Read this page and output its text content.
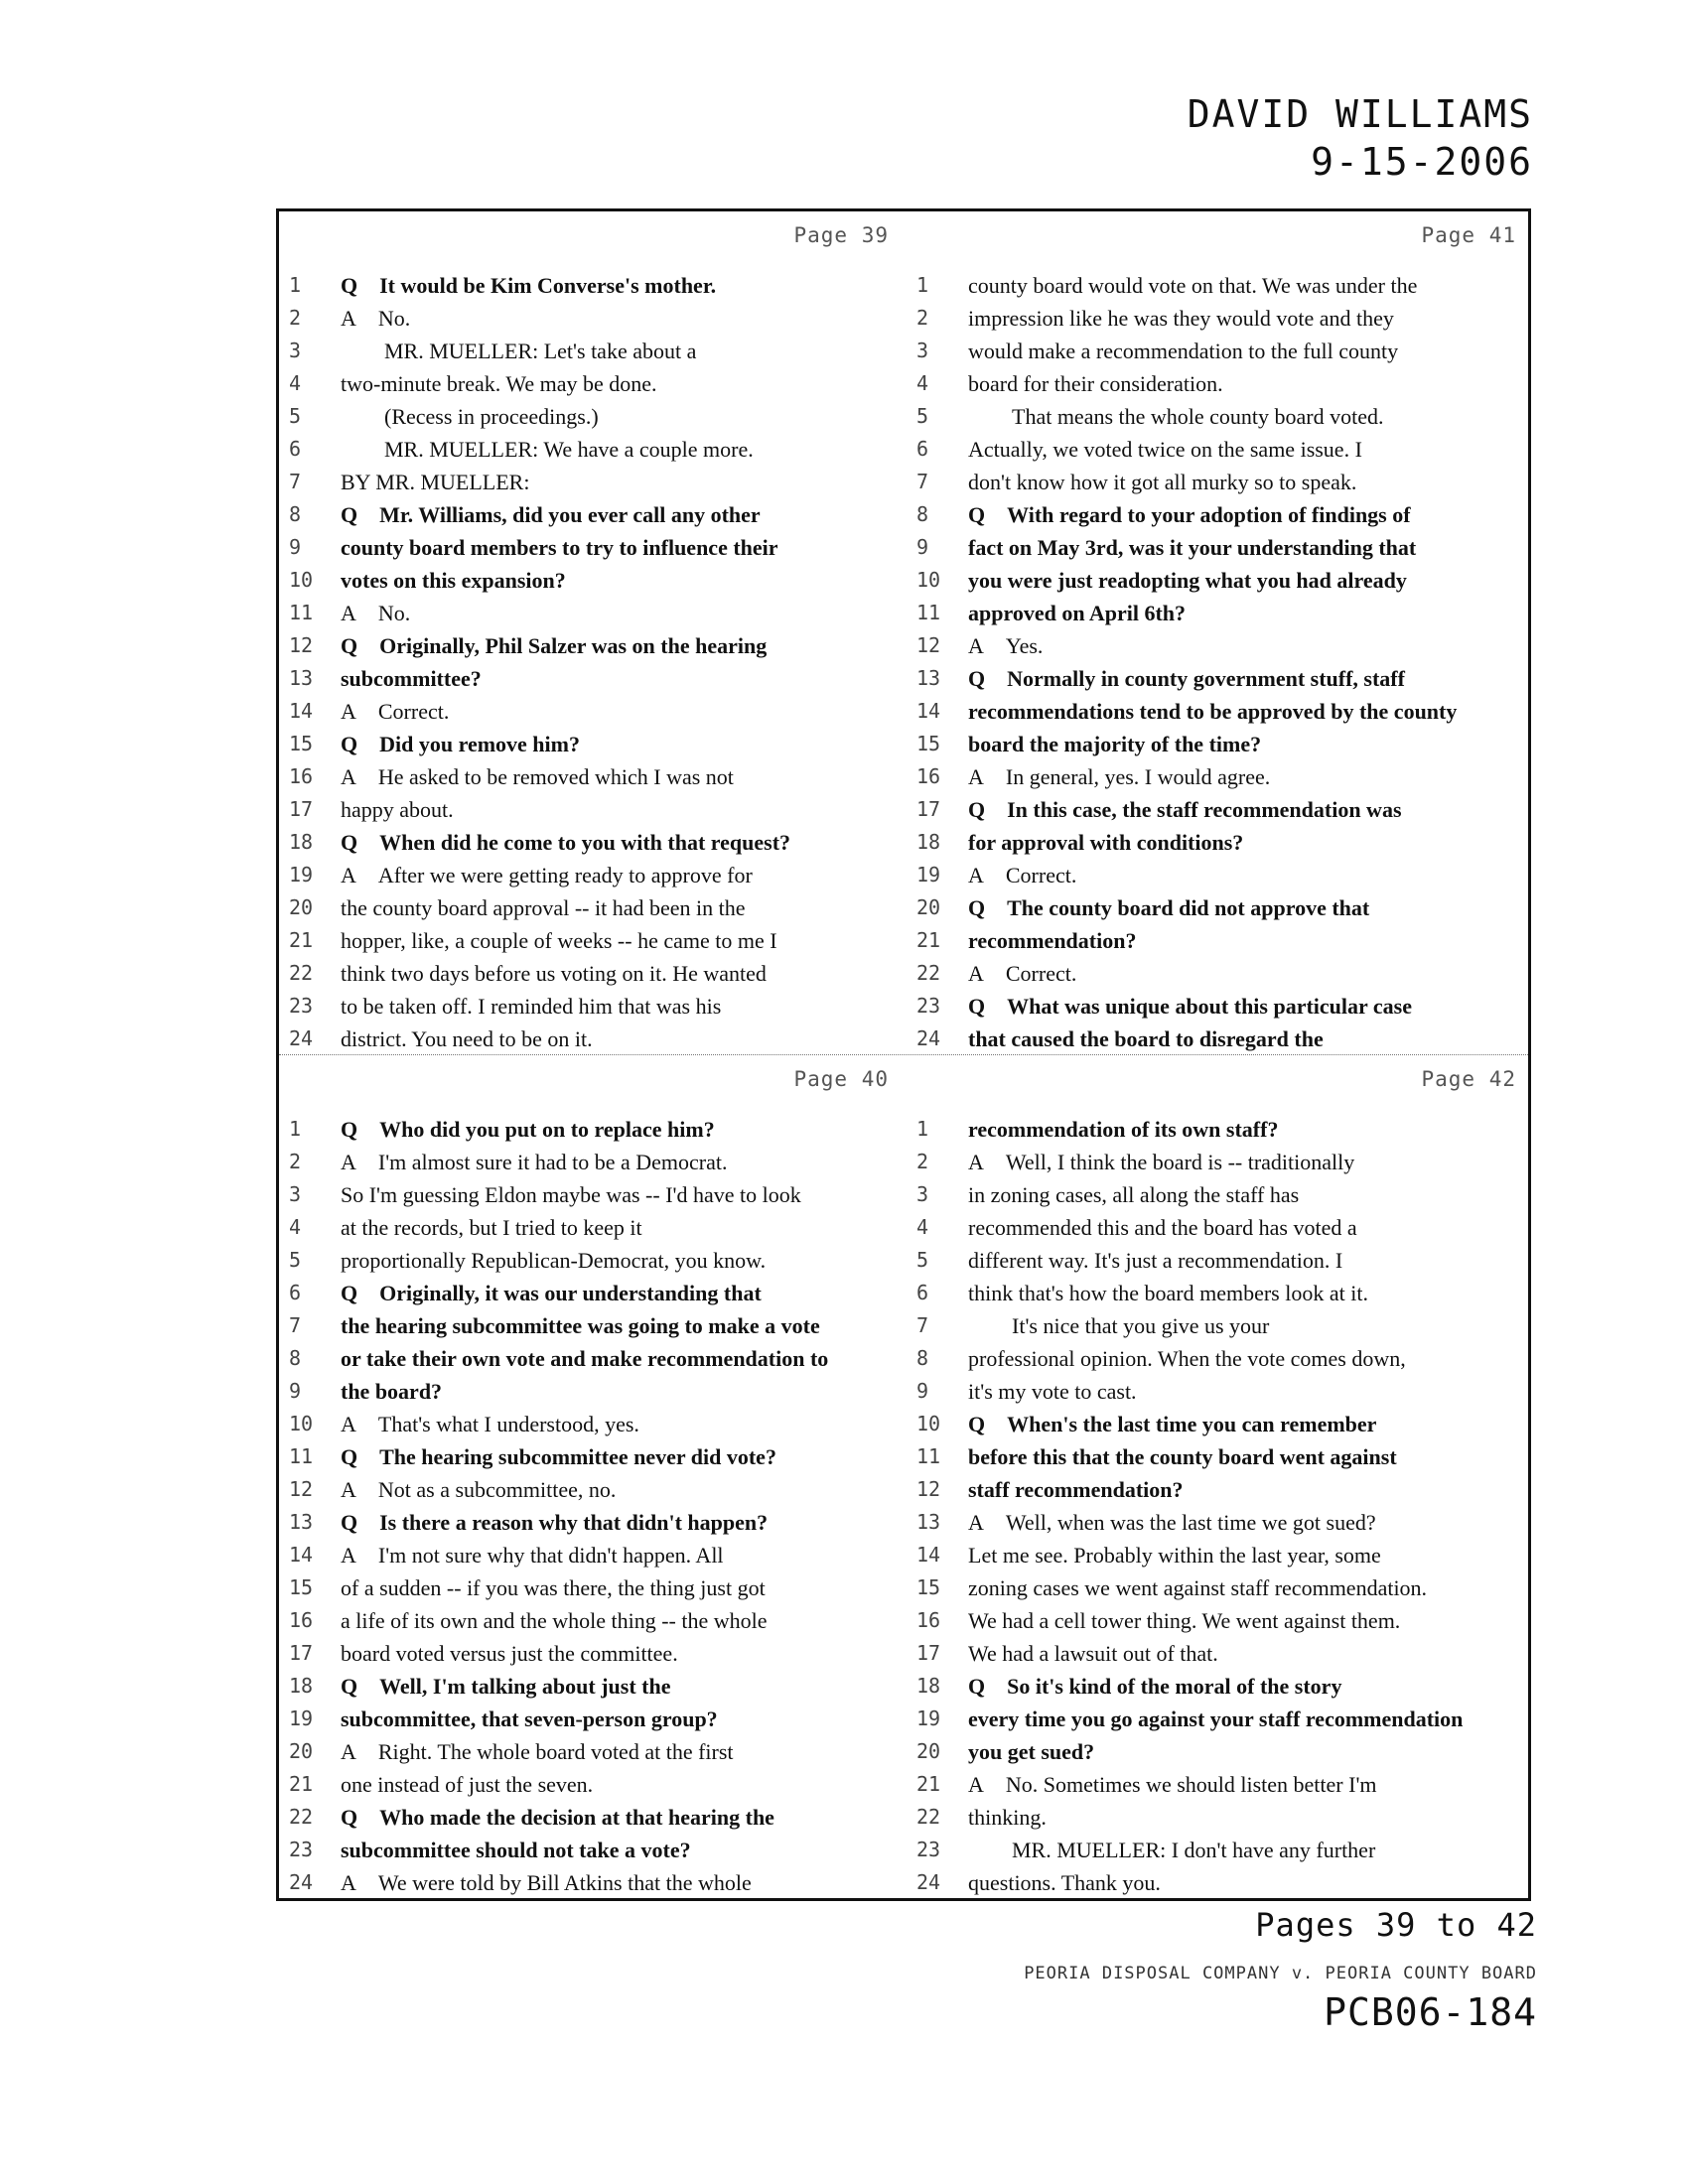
DAVID WILLIAMS
9-15-2006
Page 39
1	Q It would be Kim Converse's mother.
2	A No.
3	  MR. MUELLER: Let's take about a
4	two-minute break. We may be done.
5	  (Recess in proceedings.)
6	  MR. MUELLER: We have a couple more.
7	BY MR. MUELLER:
8	Q Mr. Williams, did you ever call any other
9	county board members to try to influence their
10 votes on this expansion?
11 A No.
12 Q Originally, Phil Salzer was on the hearing
13 subcommittee?
14 A Correct.
15 Q Did you remove him?
16 A He asked to be removed which I was not
17 happy about.
18 Q When did he come to you with that request?
19 A After we were getting ready to approve for
20 the county board approval -- it had been in the
21 hopper, like, a couple of weeks -- he came to me I
22 think two days before us voting on it. He wanted
23 to be taken off. I reminded him that was his
24 district. You need to be on it.
Page 41
1	county board would vote on that. We was under the
2	impression like he was they would vote and they
3	would make a recommendation to the full county
4	board for their consideration.
5	  That means the whole county board voted.
6	Actually, we voted twice on the same issue. I
7	don't know how it got all murky so to speak.
8	Q With regard to your adoption of findings of
9	fact on May 3rd, was it your understanding that
10 you were just readopting what you had already
11 approved on April 6th?
12 A Yes.
13 Q Normally in county government stuff, staff
14 recommendations tend to be approved by the county
15 board the majority of the time?
16 A In general, yes. I would agree.
17 Q In this case, the staff recommendation was
18 for approval with conditions?
19 A Correct.
20 Q The county board did not approve that
21 recommendation?
22 A Correct.
23 Q What was unique about this particular case
24 that caused the board to disregard the
Page 40
1	Q Who did you put on to replace him?
2	A I'm almost sure it had to be a Democrat.
3	So I'm guessing Eldon maybe was -- I'd have to look
4	at the records, but I tried to keep it
5	proportionally Republican-Democrat, you know.
6	Q Originally, it was our understanding that
7	the hearing subcommittee was going to make a vote
8	or take their own vote and make recommendation to
9	the board?
10 A That's what I understood, yes.
11 Q The hearing subcommittee never did vote?
12 A Not as a subcommittee, no.
13 Q Is there a reason why that didn't happen?
14 A I'm not sure why that didn't happen. All
15 of a sudden -- if you was there, the thing just got
16 a life of its own and the whole thing -- the whole
17 board voted versus just the committee.
18 Q Well, I'm talking about just the
19 subcommittee, that seven-person group?
20 A Right. The whole board voted at the first
21 one instead of just the seven.
22 Q Who made the decision at that hearing the
23 subcommittee should not take a vote?
24 A We were told by Bill Atkins that the whole
Page 42
1	recommendation of its own staff?
2	A Well, I think the board is -- traditionally
3	in zoning cases, all along the staff has
4	recommended this and the board has voted a
5	different way. It's just a recommendation. I
6	think that's how the board members look at it.
7	  It's nice that you give us your
8	professional opinion. When the vote comes down,
9	it's my vote to cast.
10 Q When's the last time you can remember
11 before this that the county board went against
12 staff recommendation?
13 A Well, when was the last time we got sued?
14 Let me see. Probably within the last year, some
15 zoning cases we went against staff recommendation.
16 We had a cell tower thing. We went against them.
17 We had a lawsuit out of that.
18 Q So it's kind of the moral of the story
19 every time you go against your staff recommendation
20 you get sued?
21 A No. Sometimes we should listen better I'm
22 thinking.
23   MR. MUELLER: I don't have any further
24 questions. Thank you.
Pages 39 to 42
PEORIA DISPOSAL COMPANY v. PEORIA COUNTY BOARD
PCB06-184
